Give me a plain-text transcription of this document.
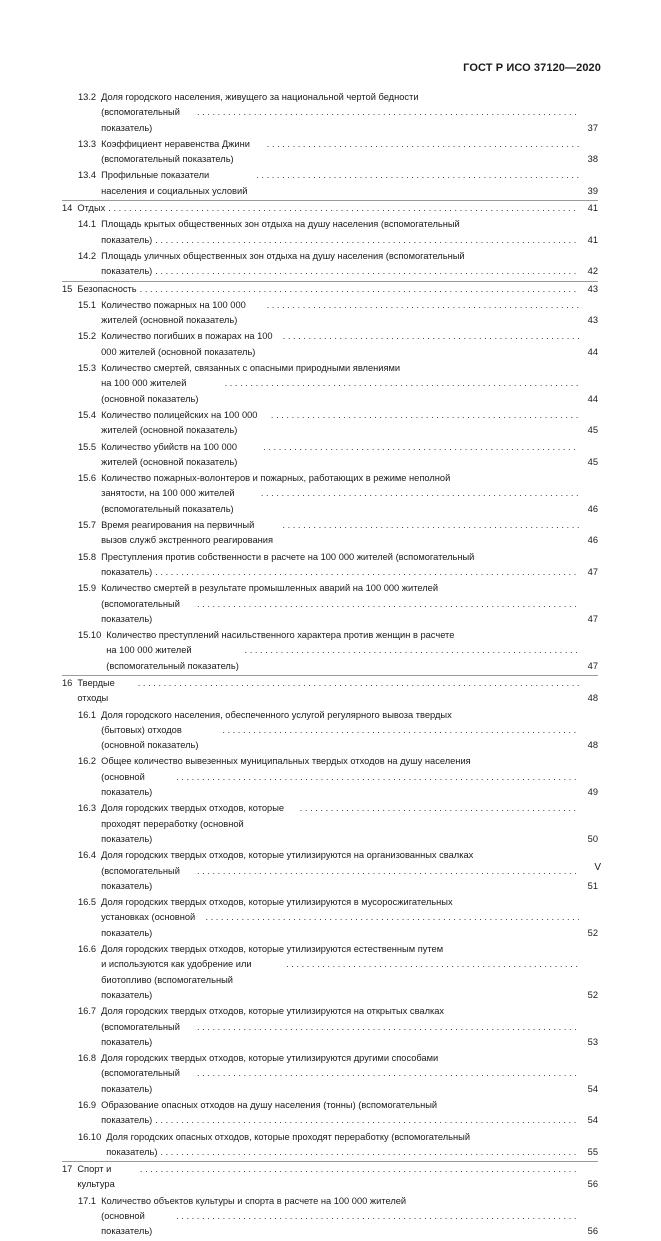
ГОСТ Р ИСО 37120—2020
13.2 Доля городского населения, живущего за национальной чертой бедности
(вспомогательный показатель)
. . .	37
13.3 Коэффициент неравенства Джини (вспомогательный показатель)
. . .	38
13.4 Профильные показатели населения и социальных условий
. . .	39
14 Отдых . . .	41
14.1 Площадь крытых общественных зон отдыха на душу населения (вспомогательный
показатель) . . .	41
14.2 Площадь уличных общественных зон отдыха на душу населения (вспомогательный
показатель) . . .	42
15 Безопасность . . .	43
15.1 Количество пожарных на 100 000 жителей (основной показатель)
. . .	43
15.2 Количество погибших в пожарах на 100 000 жителей (основной показатель)
. . .	44
15.3 Количество смертей, связанных с опасными природными явлениями
на 100 000 жителей (основной показатель)
. . .	44
15.4 Количество полицейских на 100 000 жителей (основной показатель)
. . .	45
15.5 Количество убийств на 100 000 жителей (основной показатель)
. . .	45
15.6 Количество пожарных-волонтеров и пожарных, работающих в режиме неполной
занятости, на 100 000 жителей (вспомогательный показатель)
. . .	46
15.7 Время реагирования на первичный вызов служб экстренного реагирования
. . .	46
15.8 Преступления против собственности в расчете на 100 000 жителей (вспомогательный
показатель) . . .	47
15.9 Количество смертей в результате промышленных аварий на 100 000 жителей
(вспомогательный показатель)
. . .	47
15.10 Количество преступлений насильственного характера против женщин в расчете
на 100 000 жителей (вспомогательный показатель)
. . .	47
16 Твердые отходы
. . .	48
16.1 Доля городского населения, обеспеченного услугой регулярного вывоза твердых
(бытовых) отходов (основной показатель)
. . .	48
16.2 Общее количество вывезенных муниципальных твердых отходов на душу населения
(основной показатель)
. . .	49
16.3 Доля городских твердых отходов, которые проходят переработку (основной показатель)
. . .	50
16.4 Доля городских твердых отходов, которые утилизируются на организованных свалках
(вспомогательный показатель)
. . .	51
16.5 Доля городских твердых отходов, которые утилизируются в мусоросжигательных
установках (основной показатель)
. . .	52
16.6 Доля городских твердых отходов, которые утилизируются естественным путем
и используются как удобрение или биотопливо (вспомогательный показатель)
. . .	52
16.7 Доля городских твердых отходов, которые утилизируются на открытых свалках
(вспомогательный показатель)
. . .	53
16.8 Доля городских твердых отходов, которые утилизируются другими способами
(вспомогательный показатель)
. . .	54
16.9 Образование опасных отходов на душу населения (тонны) (вспомогательный
показатель) . . .	54
16.10 Доля городских опасных отходов, которые проходят переработку (вспомогательный
показатель) . . .	55
17 Спорт и культура
. . .	56
17.1 Количество объектов культуры и спорта в расчете на 100 000 жителей
(основной показатель)
. . .	56
V
